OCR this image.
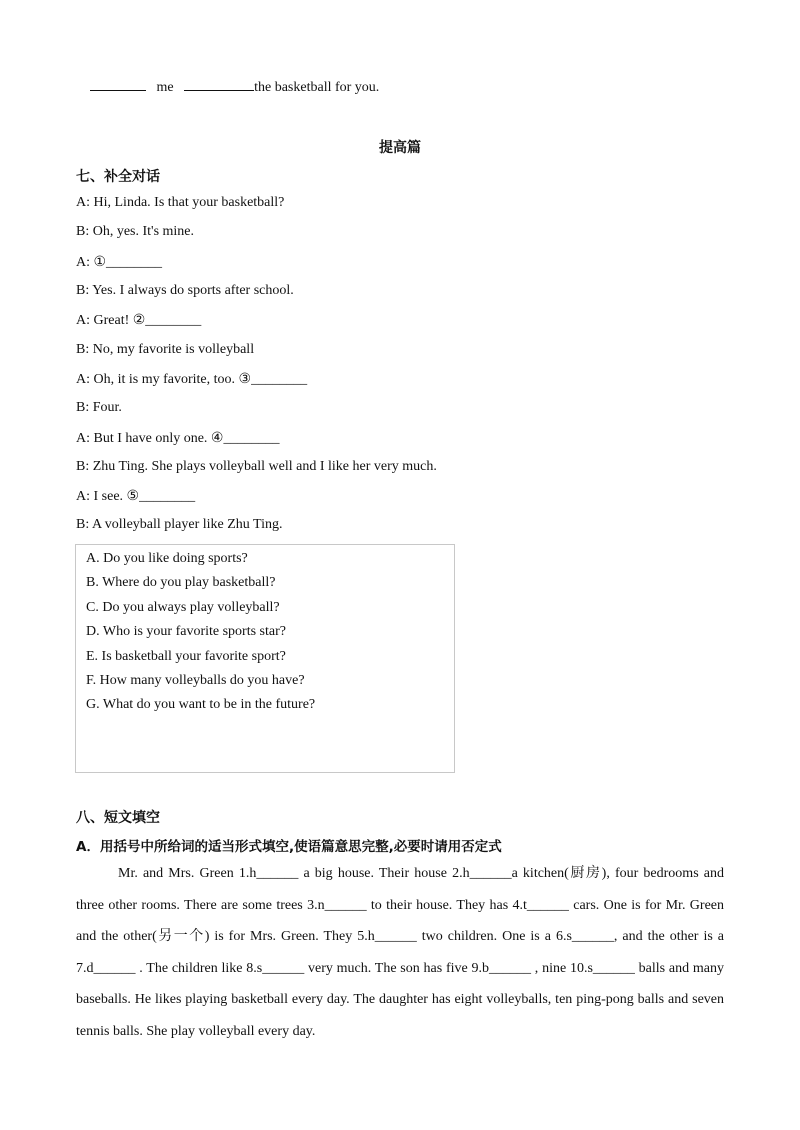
me	the basketball for you.
提高篇
七、补全对话
A: Hi, Linda. Is that your basketball?
B: Oh, yes. It's mine.
A: ①________
B: Yes. I always do sports after school.
A: Great! ②________
B: No, my favorite is volleyball
A: Oh, it is my favorite, too. ③________
B: Four.
A: But I have only one. ④________
B: Zhu Ting. She plays volleyball well and I like her very much.
A: I see. ⑤________
B: A volleyball player like Zhu Ting.
A. Do you like doing sports?
B. Where do you play basketball?
C. Do you always play volleyball?
D. Who is your favorite sports star?
E. Is basketball your favorite sport?
F. How many volleyballs do you have?
G. What do you want to be in the future?
八、短文填空
A．用括号中所给词的适当形式填空,使语篇意思完整,必要时请用否定式
Mr. and Mrs. Green 1.h______ a big house. Their house 2.h______a kitchen(厨房), four bedrooms and three other rooms. There are some trees 3.n______ to their house. They has 4.t______ cars. One is for Mr. Green and the other(另一个) is for Mrs. Green. They 5.h______ two children. One is a 6.s______, and the other is a 7.d______ . The children like 8.s______ very much. The son has five 9.b______ , nine 10.s______ balls and many baseballs. He likes playing basketball every day. The daughter has eight volleyballs, ten ping-pong balls and seven tennis balls. She play volleyball every day.
